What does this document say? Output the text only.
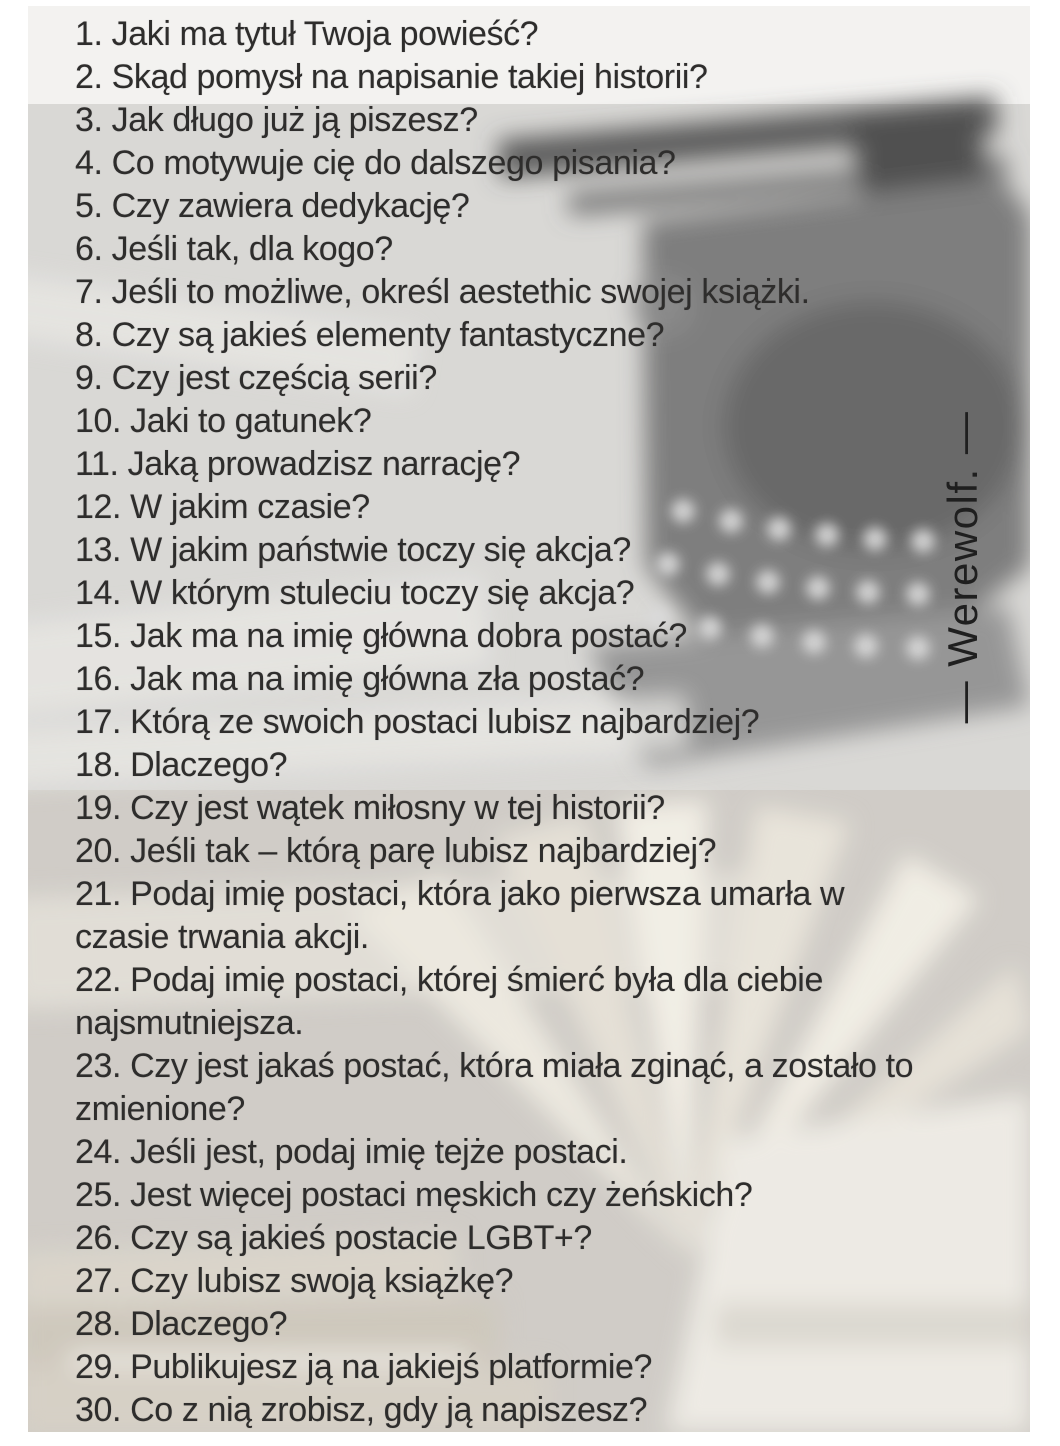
1. Jaki ma tytuł Twoja powieść?
2. Skąd pomysł na napisanie takiej historii?
3. Jak długo już ją piszesz?
4. Co motywuje cię do dalszego pisania?
5. Czy zawiera dedykację?
6. Jeśli tak, dla kogo?
7. Jeśli to możliwe, określ aestethic swojej książki.
8. Czy są jakieś elementy fantastyczne?
9. Czy jest częścią serii?
10. Jaki to gatunek?
11. Jaką prowadzisz narrację?
12. W jakim czasie?
13. W jakim państwie toczy się akcja?
14. W którym stuleciu toczy się akcja?
15. Jak ma na imię główna dobra postać?
16. Jak ma na imię główna zła postać?
17. Którą ze swoich postaci lubisz najbardziej?
18. Dlaczego?
19. Czy jest wątek miłosny w tej historii?
20. Jeśli tak – którą parę lubisz najbardziej?
21. Podaj imię postaci, która jako pierwsza umarła w czasie trwania akcji.
22. Podaj imię postaci, której śmierć była dla ciebie najsmutniejsza.
23. Czy jest jakaś postać, która miała zginąć, a zostało to zmienione?
24. Jeśli jest, podaj imię tejże postaci.
25. Jest więcej postaci męskich czy żeńskich?
26. Czy są jakieś postacie LGBT+?
27. Czy lubisz swoją książkę?
28. Dlaczego?
29. Publikujesz ją na jakiejś platformie?
30. Co z nią zrobisz, gdy ją napiszesz?
— Werewolf. —
